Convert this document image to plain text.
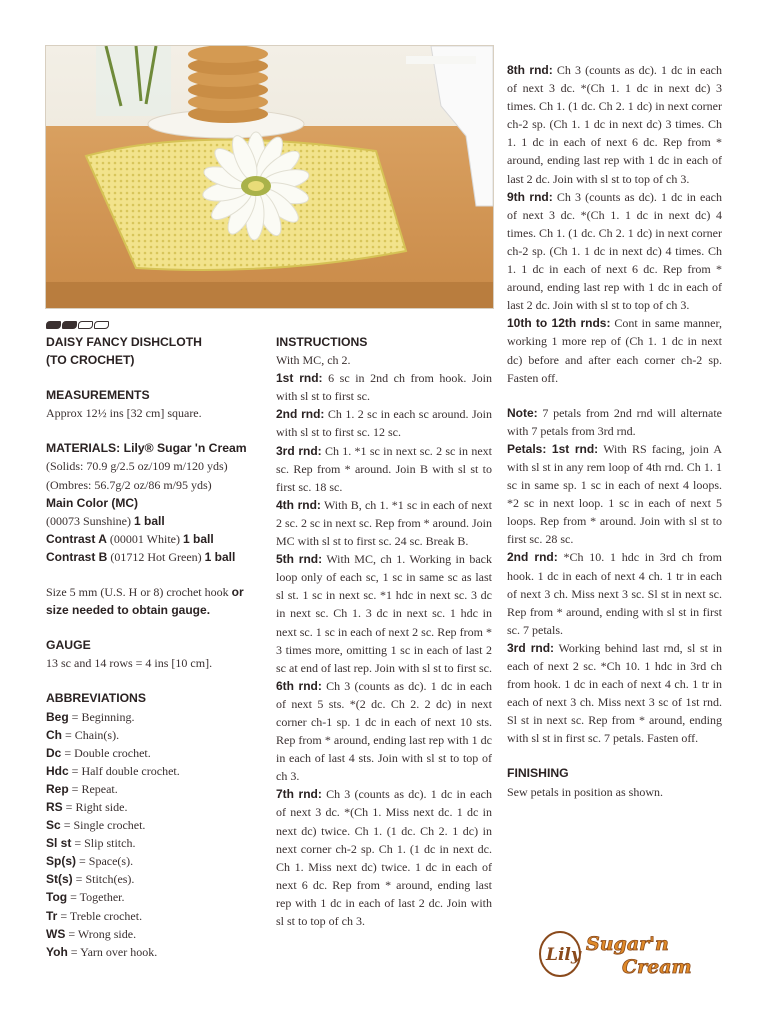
DAISY FANCY DISHCLOTH
(TO CROCHET)
MEASUREMENTS

Approx 12½ ins [32 cm] square.

MATERIALS: Lily® Sugar 'n Cream

(Solids: 70.9 g/2.5 oz/109 m/120 yds)

(Ombres: 56.7g/2 oz/86 m/95 yds)

Main Color (MC)

(00073 Sunshine) 1 ball

Contrast A (00001 White) 1 ball

Contrast B (01712 Hot Green) 1 ball

Size 5 mm (U.S. H or 8) crochet hook or size needed to obtain gauge.

GAUGE

13 sc and 14 rows = 4 ins [10 cm].

ABBREVIATIONS

Beg = Beginning.

Ch = Chain(s).

Dc = Double crochet.

Hdc = Half double crochet.

Rep = Repeat.

RS = Right side.

Sc = Single crochet.

Sl st = Slip stitch.

Sp(s) = Space(s).

St(s) = Stitch(es).

Tog = Together.

Tr = Treble crochet.

WS = Wrong side.

Yoh = Yarn over hook.

INSTRUCTIONS

With MC, ch 2.

1st rnd: 6 sc in 2nd ch from hook. Join with sl st to first sc.

2nd rnd: Ch 1. 2 sc in each sc around. Join with sl st to first sc. 12 sc.

3rd rnd: Ch 1. *1 sc in next sc. 2 sc in next sc. Rep from * around. Join B with sl st to first sc. 18 sc.

4th rnd: With B, ch 1. *1 sc in each of next 2 sc. 2 sc in next sc. Rep from * around. Join MC with sl st to first sc. 24 sc. Break B.

5th rnd: With MC, ch 1. Working in back loop only of each sc, 1 sc in same sc as last sl st. 1 sc in next sc. *1 hdc in next sc. 3 dc in next sc. Ch 1. 3 dc in next sc. 1 hdc in next sc. 1 sc in each of next 2 sc. Rep from * 3 times more, omitting 1 sc in each of last 2 sc at end of last rep. Join with sl st to first sc.

6th rnd: Ch 3 (counts as dc). 1 dc in each of next 5 sts. *(2 dc. Ch 2. 2 dc) in next corner ch-1 sp. 1 dc in each of next 10 sts. Rep from * around, ending last rep with 1 dc in each of last 4 sts. Join with sl st to top of ch 3.

7th rnd: Ch 3 (counts as dc). 1 dc in each of next 3 dc. *(Ch 1. Miss next dc. 1 dc in next dc) twice. Ch 1. (1 dc. Ch 2. 1 dc) in next corner ch-2 sp. Ch 1. (1 dc in next dc. Ch 1. Miss next dc) twice. 1 dc in each of next 6 dc. Rep from * around, ending last rep with 1 dc in each of last 2 dc. Join with sl st to top of ch 3.

8th rnd: Ch 3 (counts as dc). 1 dc in each of next 3 dc. *(Ch 1. 1 dc in next dc) 3 times. Ch 1. (1 dc. Ch 2. 1 dc) in next corner ch-2 sp. (Ch 1. 1 dc in next dc) 3 times. Ch 1. 1 dc in each of next 6 dc. Rep from * around, ending last rep with 1 dc in each of last 2 dc. Join with sl st to top of ch 3.

9th rnd: Ch 3 (counts as dc). 1 dc in each of next 3 dc. *(Ch 1. 1 dc in next dc) 4 times. Ch 1. (1 dc. Ch 2. 1 dc) in next corner ch-2 sp. (Ch 1. 1 dc in next dc) 4 times. Ch 1. 1 dc in each of next 6 dc. Rep from * around, ending last rep with 1 dc in each of last 2 dc. Join with sl st to top of ch 3.

10th to 12th rnds: Cont in same manner, working 1 more rep of (Ch 1. 1 dc in next dc) before and after each corner ch-2 sp. Fasten off.

Note: 7 petals from 2nd rnd will alternate with 7 petals from 3rd rnd.

Petals: 1st rnd: With RS facing, join A with sl st in any rem loop of 4th rnd. Ch 1. 1 sc in same sp. 1 sc in each of next 4 loops. *2 sc in next loop. 1 sc in each of next 5 loops. Rep from * around. Join with sl st to first sc. 28 sc.

2nd rnd: *Ch 10. 1 hdc in 3rd ch from hook. 1 dc in each of next 4 ch. 1 tr in each of next 3 ch. Miss next 3 sc. Sl st in next sc. Rep from * around, ending with sl st in first sc. 7 petals.

3rd rnd: Working behind last rnd, sl st in each of next 2 sc. *Ch 10. 1 hdc in 3rd ch from hook. 1 dc in each of next 4 ch. 1 tr in each of next 3 ch. Miss next 3 sc of 1st rnd. Sl st in next sc. Rep from * around, ending with sl st in first sc. 7 petals. Fasten off.

FINISHING

Sew petals in position as shown.

Lily Sugar'n
Cream
